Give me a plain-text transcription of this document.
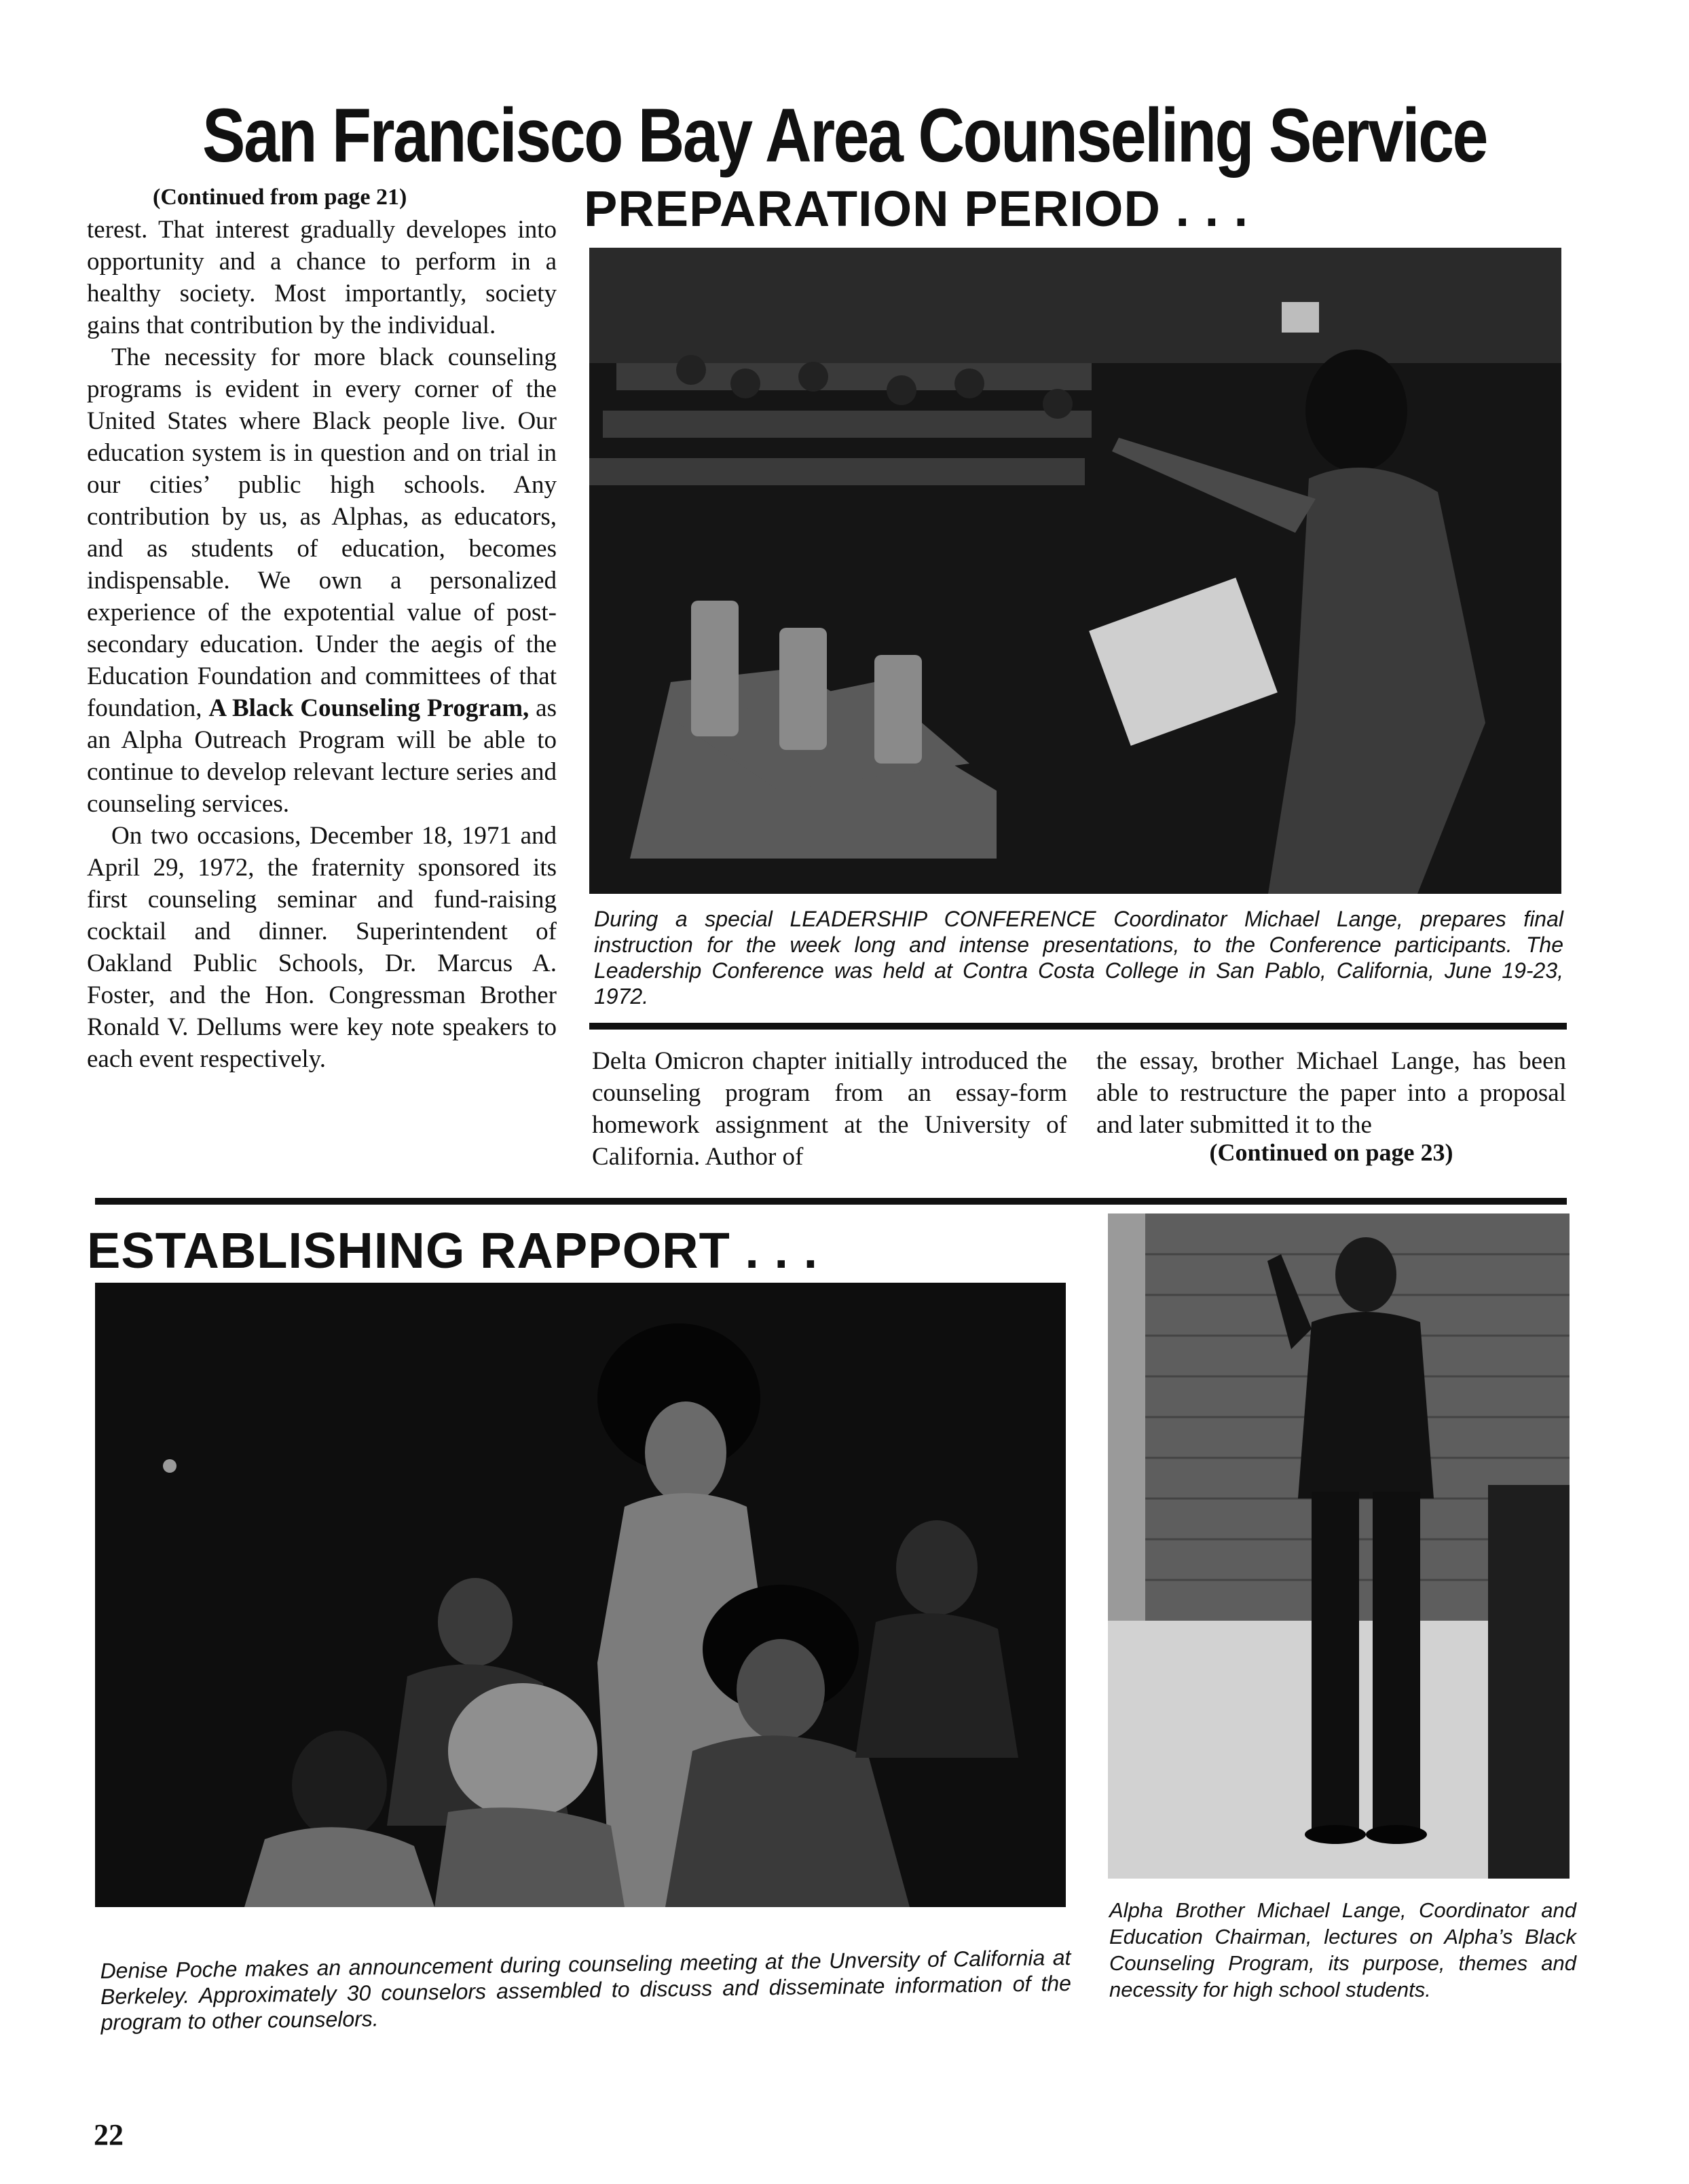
San Francisco Bay Area Counseling Service
(Continued from page 21)

terest. That interest gradually developes into opportunity and a chance to perform in a healthy society. Most importantly, society gains that contribution by the individual.

The necessity for more black counseling programs is evident in every corner of the United States where Black people live. Our education system is in question and on trial in our cities’ public high schools. Any contribution by us, as Alphas, as educators, and as students of education, becomes indispensable. We own a personalized experience of the expotential value of post-secondary education. Under the aegis of the Education Foundation and committees of that foundation, A Black Counseling Program, as an Alpha Outreach Program will be able to continue to develop relevant lecture series and counseling services.

On two occasions, December 18, 1971 and April 29, 1972, the fraternity sponsored its first counseling seminar and fund-raising cocktail and dinner. Superintendent of Oakland Public Schools, Dr. Marcus A. Foster, and the Hon. Congressman Brother Ronald V. Dellums were key note speakers to each event respectively.

PREPARATION PERIOD . . .
During a special LEADERSHIP CONFERENCE Coordinator Michael Lange, prepares final instruction for the week long and intense presentations, to the Conference participants. The Leadership Conference was held at Contra Costa College in San Pablo, California, June 19-23, 1972.

Delta Omicron chapter initially introduced the counseling program from an essay-form homework assignment at the University of California. Author of

the essay, brother Michael Lange, has been able to restructure the paper into a proposal and later submitted it to the

(Continued on page 23)
ESTABLISHING RAPPORT . . .
Denise Poche makes an announcement during counseling meeting at the Unversity of California at Berkeley. Approximately 30 counselors assembled to discuss and disseminate information of the program to other counselors.
Alpha Brother Michael Lange, Coordinator and Education Chairman, lectures on Alpha’s Black Counseling Program, its purpose, themes and necessity for high school students.
22
